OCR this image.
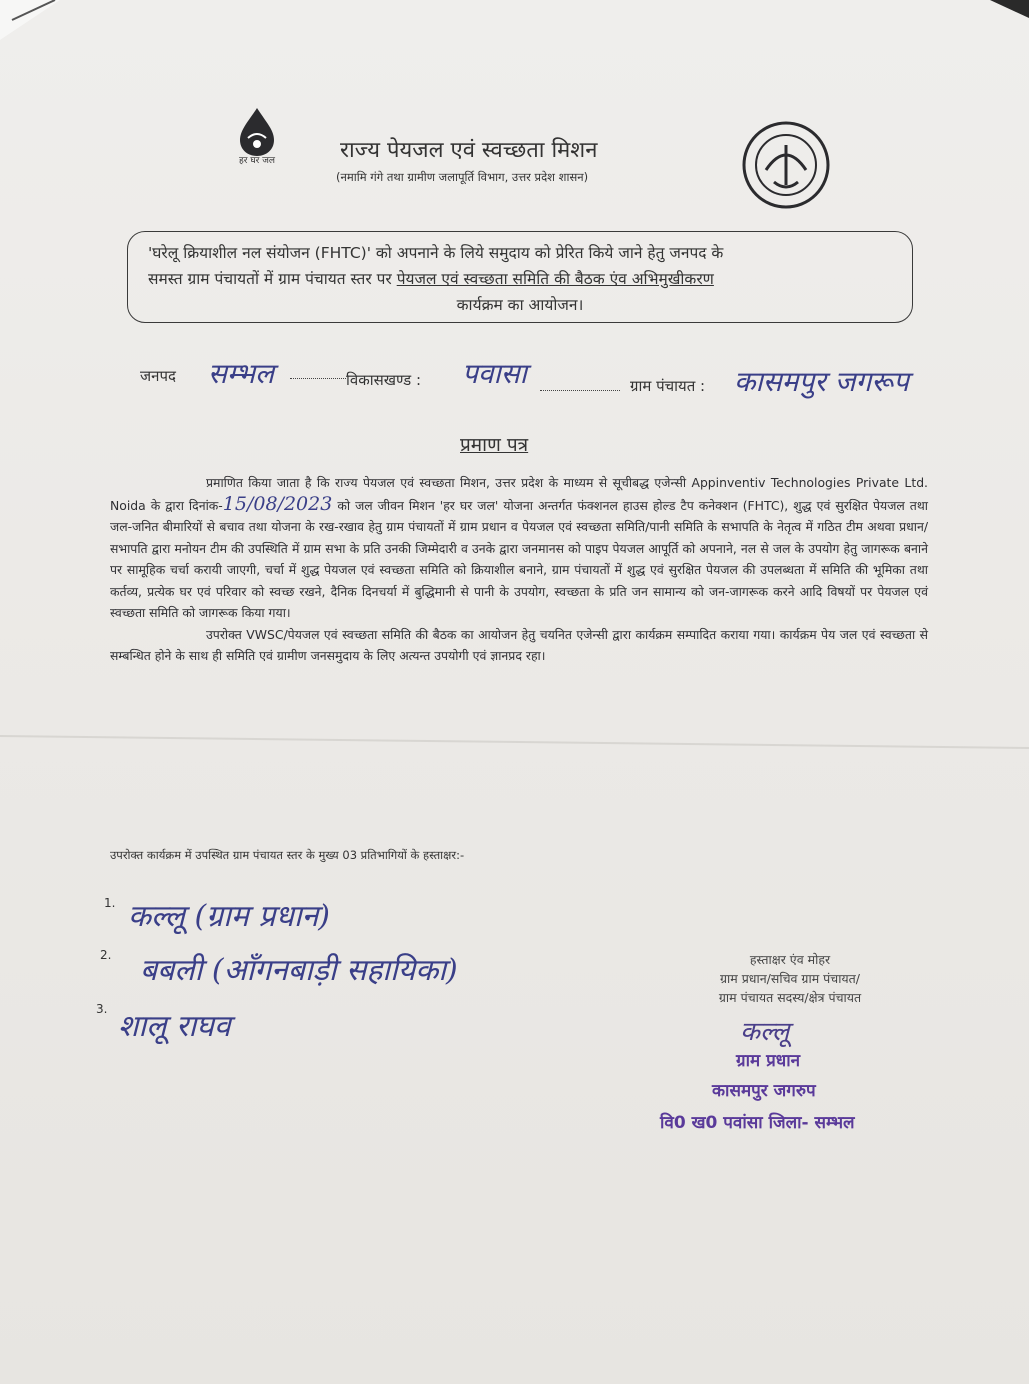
हर घर जल	राज्य पेयजल एवं स्वच्छता मिशन
(नमामि गंगे तथा ग्रामीण जलापूर्ति विभाग, उत्तर प्रदेश शासन)
'घरेलू क्रियाशील नल संयोजन (FHTC)' को अपनाने के लिये समुदाय को प्रेरित किये जाने हेतु जनपद के
समस्त ग्राम पंचायतों में ग्राम पंचायत स्तर पर पेयजल एवं स्वच्छता समिति की बैठक एंव अभिमुखीकरण
कार्यक्रम का आयोजन।
जनपद सम्भल	विकासखण्ड : पवासा	ग्राम पंचायत : कासमपुर जगरूप
प्रमाण पत्र

प्रमाणित किया जाता है कि राज्य पेयजल एवं स्वच्छता मिशन, उत्तर प्रदेश के माध्यम से सूचीबद्ध एजेन्सी Appinventiv Technologies Private Ltd. Noida के द्वारा दिनांक-15/08/2023 को जल जीवन मिशन 'हर घर जल' योजना अन्तर्गत फंक्शनल हाउस होल्ड टैप कनेक्शन (FHTC), शुद्ध एवं सुरक्षित पेयजल तथा जल-जनित बीमारियों से बचाव तथा योजना के रख-रखाव हेतु ग्राम पंचायतों में ग्राम प्रधान व पेयजल एवं स्वच्छता समिति/पानी समिति के सभापति के नेतृत्व में गठित टीम अथवा प्रधान/सभापति द्वारा मनोयन टीम की उपस्थिति में ग्राम सभा के प्रति उनकी जिम्मेदारी व उनके द्वारा जनमानस को पाइप पेयजल आपूर्ति को अपनाने, नल से जल के उपयोग हेतु जागरूक बनाने पर सामूहिक चर्चा करायी जाएगी, चर्चा में शुद्ध पेयजल एवं स्वच्छता समिति को क्रियाशील बनाने, ग्राम पंचायतों में शुद्ध एवं सुरक्षित पेयजल की उपलब्धता में समिति की भूमिका तथा कर्तव्य, प्रत्येक घर एवं परिवार को स्वच्छ रखने, दैनिक दिनचर्या में बुद्धिमानी से पानी के उपयोग, स्वच्छता के प्रति जन सामान्य को जन-जागरूक करने आदि विषयों पर पेयजल एवं स्वच्छता समिति को जागरूक किया गया।

उपरोक्त VWSC/पेयजल एवं स्वच्छता समिति की बैठक का आयोजन हेतु चयनित एजेन्सी द्वारा कार्यक्रम सम्पादित कराया गया। कार्यक्रम पेय जल एवं स्वच्छता से सम्बन्धित होने के साथ ही समिति एवं ग्रामीण जनसमुदाय के लिए अत्यन्त उपयोगी एवं ज्ञानप्रद रहा।

उपरोक्त कार्यक्रम में उपस्थित ग्राम पंचायत स्तर के मुख्य 03 प्रतिभागियों के हस्ताक्षर:-
1. कल्लू (ग्राम प्रधान)
2. बबली (आँगनबाड़ी सहायिका)
3. शालू राघव
हस्ताक्षर एंव मोहर
ग्राम प्रधान/सचिव ग्राम पंचायत/
ग्राम पंचायत सदस्य/क्षेत्र पंचायत
कल्लू
ग्राम प्रधान
कासमपुर जगरुप
वि0 ख0 पवांसा जिला- सम्भल
